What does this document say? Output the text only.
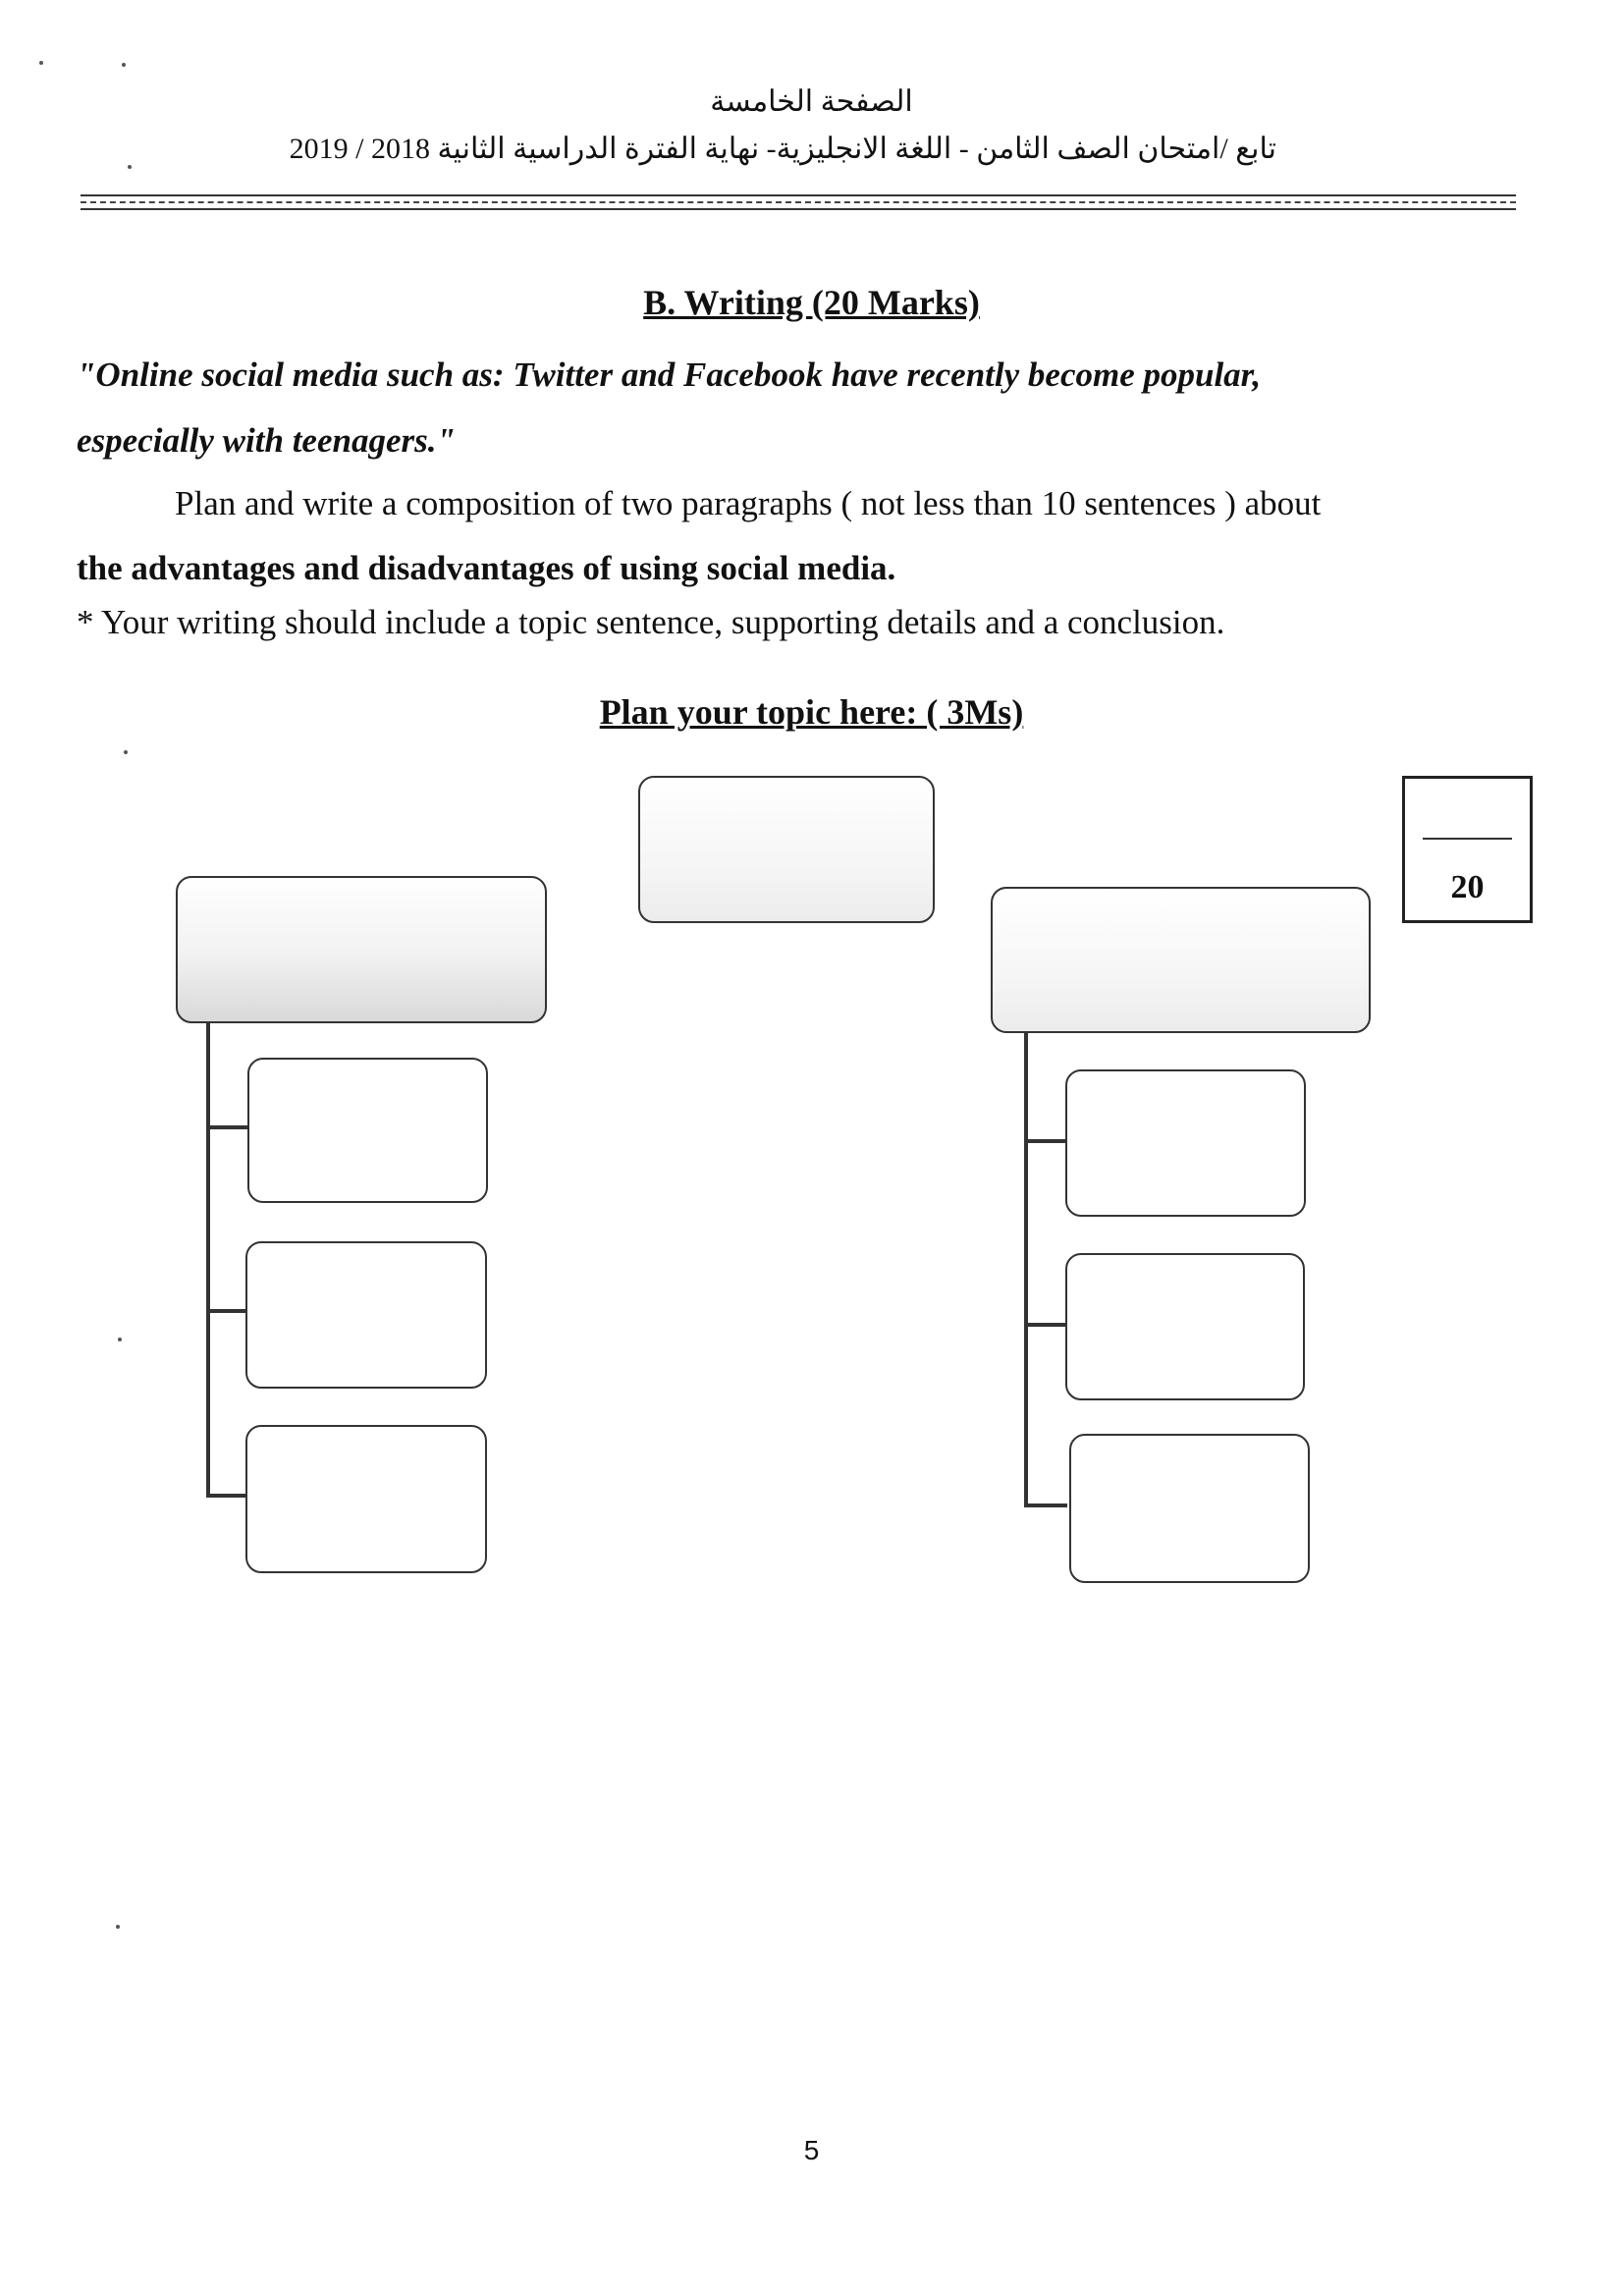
الصفحة الخامسة
تابع /امتحان الصف الثامن - اللغة الانجليزية- نهاية الفترة الدراسية الثانية 2018 / 2019
B. Writing (20 Marks)
"Online social media such as: Twitter and Facebook have recently become popular,
especially with teenagers."
Plan and write a composition of two paragraphs ( not less than 10 sentences ) about
the advantages and disadvantages of using social media.
* Your writing should include a topic sentence, supporting details and a conclusion.
Plan your topic here: ( 3Ms)
20
5
